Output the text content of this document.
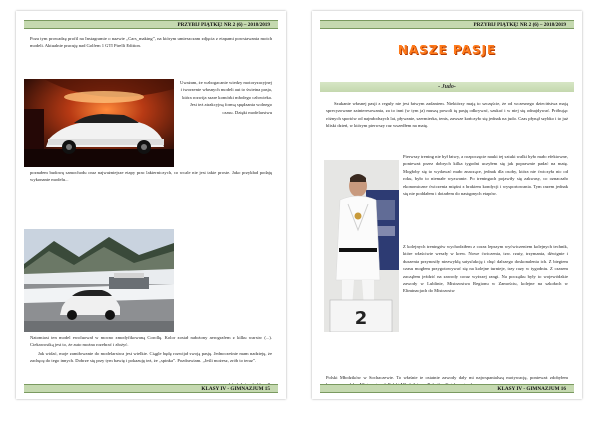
PRZYBIJ PIĄTKĘ! NR 2 (6) – 2018/2019

Poza tym prowadzę profil na Instagramie o nazwie „Cars_making”, na którym umieszczam zdjęcia z etapami powstawania moich modeli. Aktualnie pracuję nad Golfem 1 GTI Pirelli Edition.

Uważam, że wzbogacanie wiedzy motoryzacyjnej i tworzenie własnych modeli aut to świetna pasja, która rozwija szare komórki młodego człowieka. Jest też atrakcyjną formą spędzania wolnego czasu. Dzięki modelarstwu

poznałem budowę samochodu oraz najważniejsze etapy prac lakierniczych, co wcale nie jest takie proste. Jako przykład podaję wykonanie modelu...

Natomiast ten model ewoluował w mocno zmodyfikowaną Corollę. Kolor został nałożony aerografem z kilku warstw (...). Ciekawostką jest to, że auto można rozebrać i złożyć.

Jak widać, moje zamiłowanie do modelarstwa jest wielkie. Ciągle będę rozwijał swoją pasję. Jednocześnie mam nadzieję, że zachęcę do tego innych. Dobrze się przy tym bawię i pokazuję też, że „spinka”. Pozdrawiam. „Jeśli możesz, zrób to teraz”.

KLASY IV - GIMNAZJUM 15
PRZYBIJ PIĄTKĘ! NR 2 (6) – 2018/2019
NASZE PASJE
- Judo-

Szukanie własnej pasji z reguły nie jest łatwym zadaniem. Niektórzy mają to szczęście, że od wczesnego dzieciństwa mają sprecyzowane zainteresowania, za to inni (w tym ja) muszą powoli tę pasję odkrywać, szukać i w niej się odnajdywać. Próbując różnych sportów od najmłodszych lat, pływanie, szermierka, tenis, zawsze kończyło się jednak na judo. Czas płynął szybko i to już bliski dzień, w którym pierwszy raz wszedłem na matę.

2

Pierwszy trening nie był łatwy, a rozpoczęcie nauki tej sztuki walki było mało efektowne, ponieważ przez dobrych kilka tygodni uczyłem się jak poprawnie padać na matę. Mogłoby się to wydawać mało znaczące, jednak dla osoby, która nie ćwiczyła nic od roku, było to niemałe wyzwanie. Po treningach pojawiły się zakwasy, co oznaczało ekonomiczne ćwiczenia mięśni z brakiem kondycji i wysportowania. Tym razem jednak się nie poddałem i dotarłem do następnych etapów.

Z kolejnych treningów wychodziłem z coraz lepszym wyćwiczeniem kolejnych technik, które właściwie weszły w krew. Nowe ćwiczenia, tzw. rzuty, trzymania, dźwignie i duszenia przynosiły niezwykłą satysfakcję i chęć dalszego doskonalenia ich. Z biegiem czasu mogłem przygotowywać się na kolejne turnieje, trzy razy w tygodniu. Z czasem zacząłem jeździć na zawody coraz wyższej rangi. Na początku były to wojewódzkie zawody w Lublinie, Mistrzostwa Regionu w Zamościu, kolejne na szkołach w Eliminacjach do Mistrzostw

Polski Młodzików w Sochaczewie. To właśnie te ostatnie zawody dały mi najwspanialszą motywację, ponieważ zdobyłem

KLASY IV - GIMNAZJUM 16
